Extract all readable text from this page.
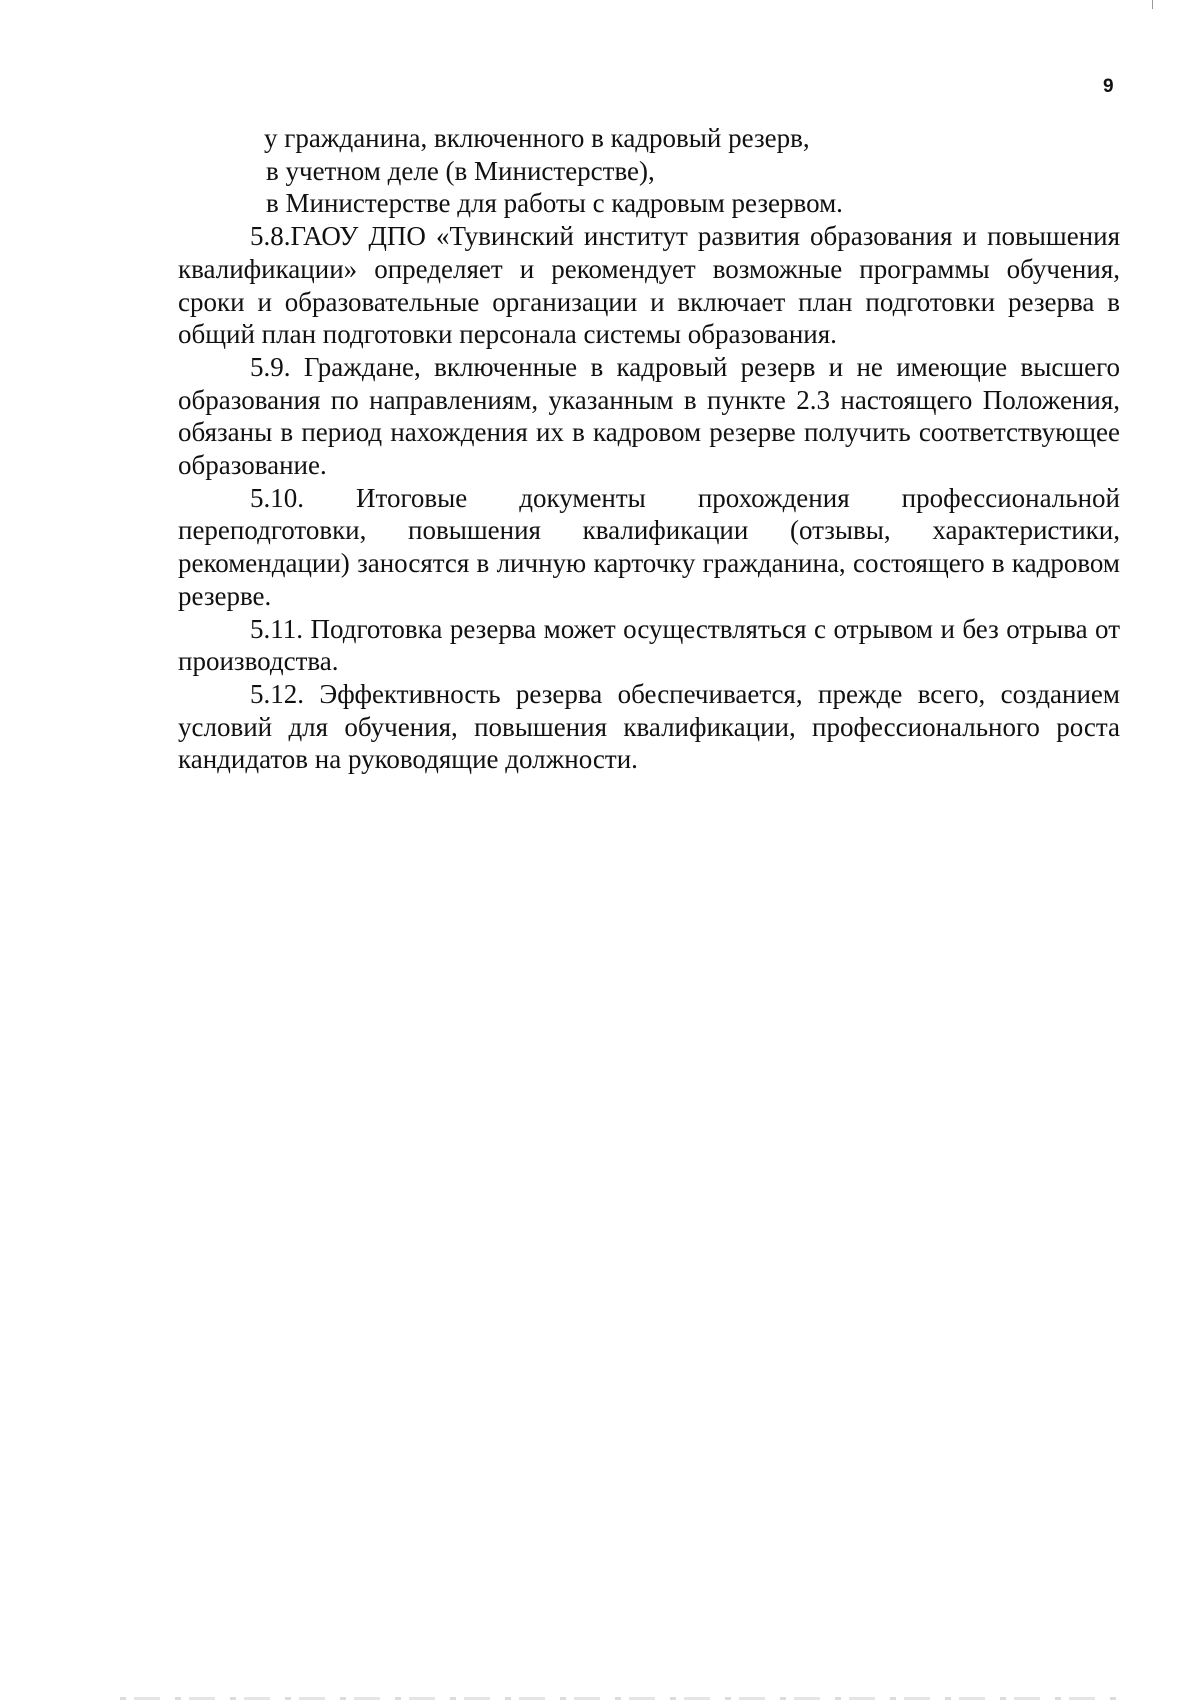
9

у гражданина, включенного в кадровый резерв,

в учетном деле (в Министерстве),

в Министерстве для работы с кадровым резервом.

5.8.ГАОУ ДПО «Тувинский институт развития образования и повышения квалификации» определяет и рекомендует возможные программы обучения, сроки и образовательные организации и включает план подготовки резерва в общий план подготовки персонала системы образования.

5.9. Граждане, включенные в кадровый резерв и не имеющие высшего образования по направлениям, указанным в пункте 2.3 настоящего Положения, обязаны в период нахождения их в кадровом резерве получить соответствующее образование.

5.10. Итоговые документы прохождения профессиональной переподготовки, повышения квалификации (отзывы, характеристики, рекомендации) заносятся в личную карточку гражданина, состоящего в кадровом резерве.

5.11. Подготовка резерва может осуществляться с отрывом и без отрыва от производства.

5.12. Эффективность резерва обеспечивается, прежде всего, созданием условий для обучения, повышения квалификации, профессионального роста кандидатов на руководящие должности.
